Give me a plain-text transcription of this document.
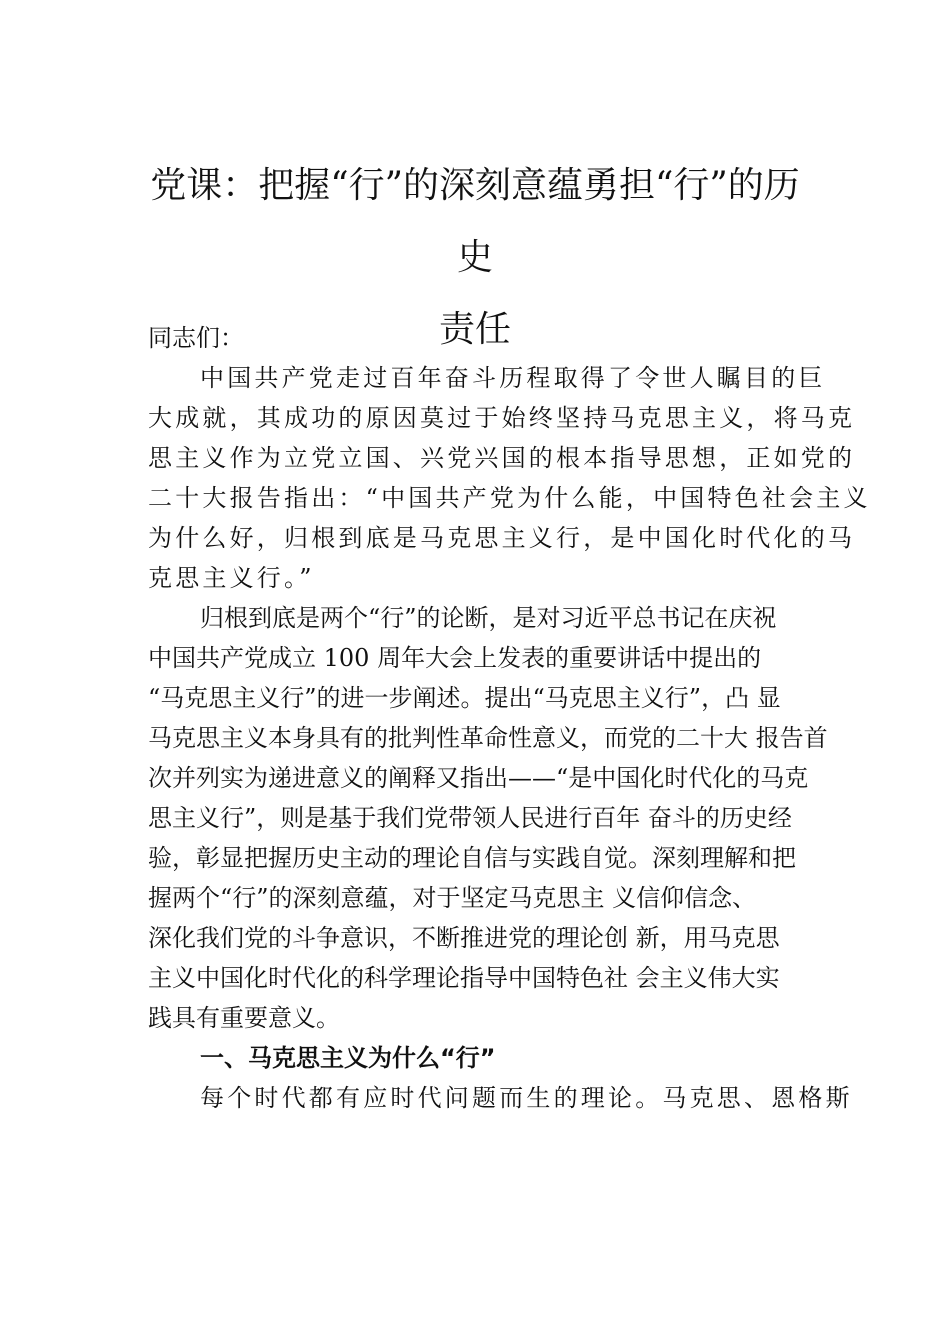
党课：把握“行”的深刻意蕴勇担“行”的历史
责任

同志们：

中国共产党走过百年奋斗历程取得了令世人瞩目的巨

大成就，其成功的原因莫过于始终坚持马克思主义，将马克

思主义作为立党立国、兴党兴国的根本指导思想，正如党的

二十大报告指出：“中国共产党为什么能，中国特色社会主义

为什么好，归根到底是马克思主义行，是中国化时代化的马

克思主义行。”

归根到底是两个“行”的论断，是对习近平总书记在庆祝

中国共产党成立 100 周年大会上发表的重要讲话中提出的

“马克思主义行”的进一步阐述。提出“马克思主义行”，凸 显

马克思主义本身具有的批判性革命性意义，而党的二十大 报告首

次并列实为递进意义的阐释又指出——“是中国化时代化的马克

思主义行”，则是基于我们党带领人民进行百年 奋斗的历史经

验，彰显把握历史主动的理论自信与实践自觉。深刻理解和把

握两个“行”的深刻意蕴，对于坚定马克思主 义信仰信念、

深化我们党的斗争意识，不断推进党的理论创 新，用马克思

主义中国化时代化的科学理论指导中国特色社 会主义伟大实

践具有重要意义。

一、马克思主义为什么“行”

每个时代都有应时代问题而生的理论。马克思、恩格斯
